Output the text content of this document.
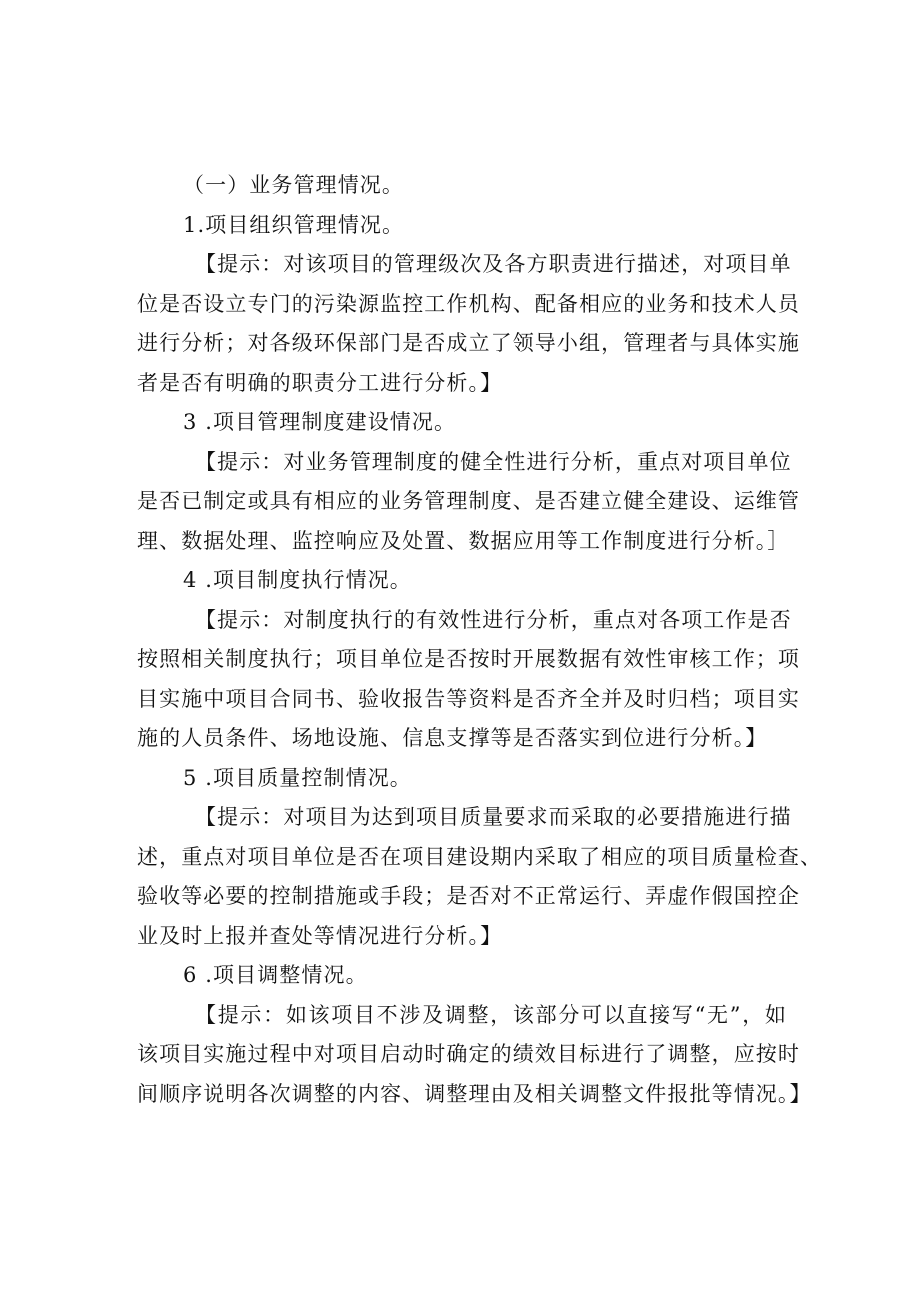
（一）业务管理情况。
1.项目组织管理情况。
【提示：对该项目的管理级次及各方职责进行描述，对项目单
位是否设立专门的污染源监控工作机构、配备相应的业务和技术人员
进行分析；对各级环保部门是否成立了领导小组，管理者与具体实施
者是否有明确的职责分工进行分析。】
3 .项目管理制度建设情况。
【提示：对业务管理制度的健全性进行分析，重点对项目单位
是否已制定或具有相应的业务管理制度、是否建立健全建设、运维管
理、数据处理、监控响应及处置、数据应用等工作制度进行分析。］
4 .项目制度执行情况。
【提示：对制度执行的有效性进行分析，重点对各项工作是否
按照相关制度执行；项目单位是否按时开展数据有效性审核工作；项
目实施中项目合同书、验收报告等资料是否齐全并及时归档；项目实
施的人员条件、场地设施、信息支撑等是否落实到位进行分析。】
5 .项目质量控制情况。
【提示：对项目为达到项目质量要求而采取的必要措施进行描
述，重点对项目单位是否在项目建设期内采取了相应的项目质量检查、
验收等必要的控制措施或手段；是否对不正常运行、弄虚作假国控企
业及时上报并查处等情况进行分析。】
6 .项目调整情况。
【提示：如该项目不涉及调整，该部分可以直接写“无”，如
该项目实施过程中对项目启动时确定的绩效目标进行了调整，应按时
间顺序说明各次调整的内容、调整理由及相关调整文件报批等情况。】
